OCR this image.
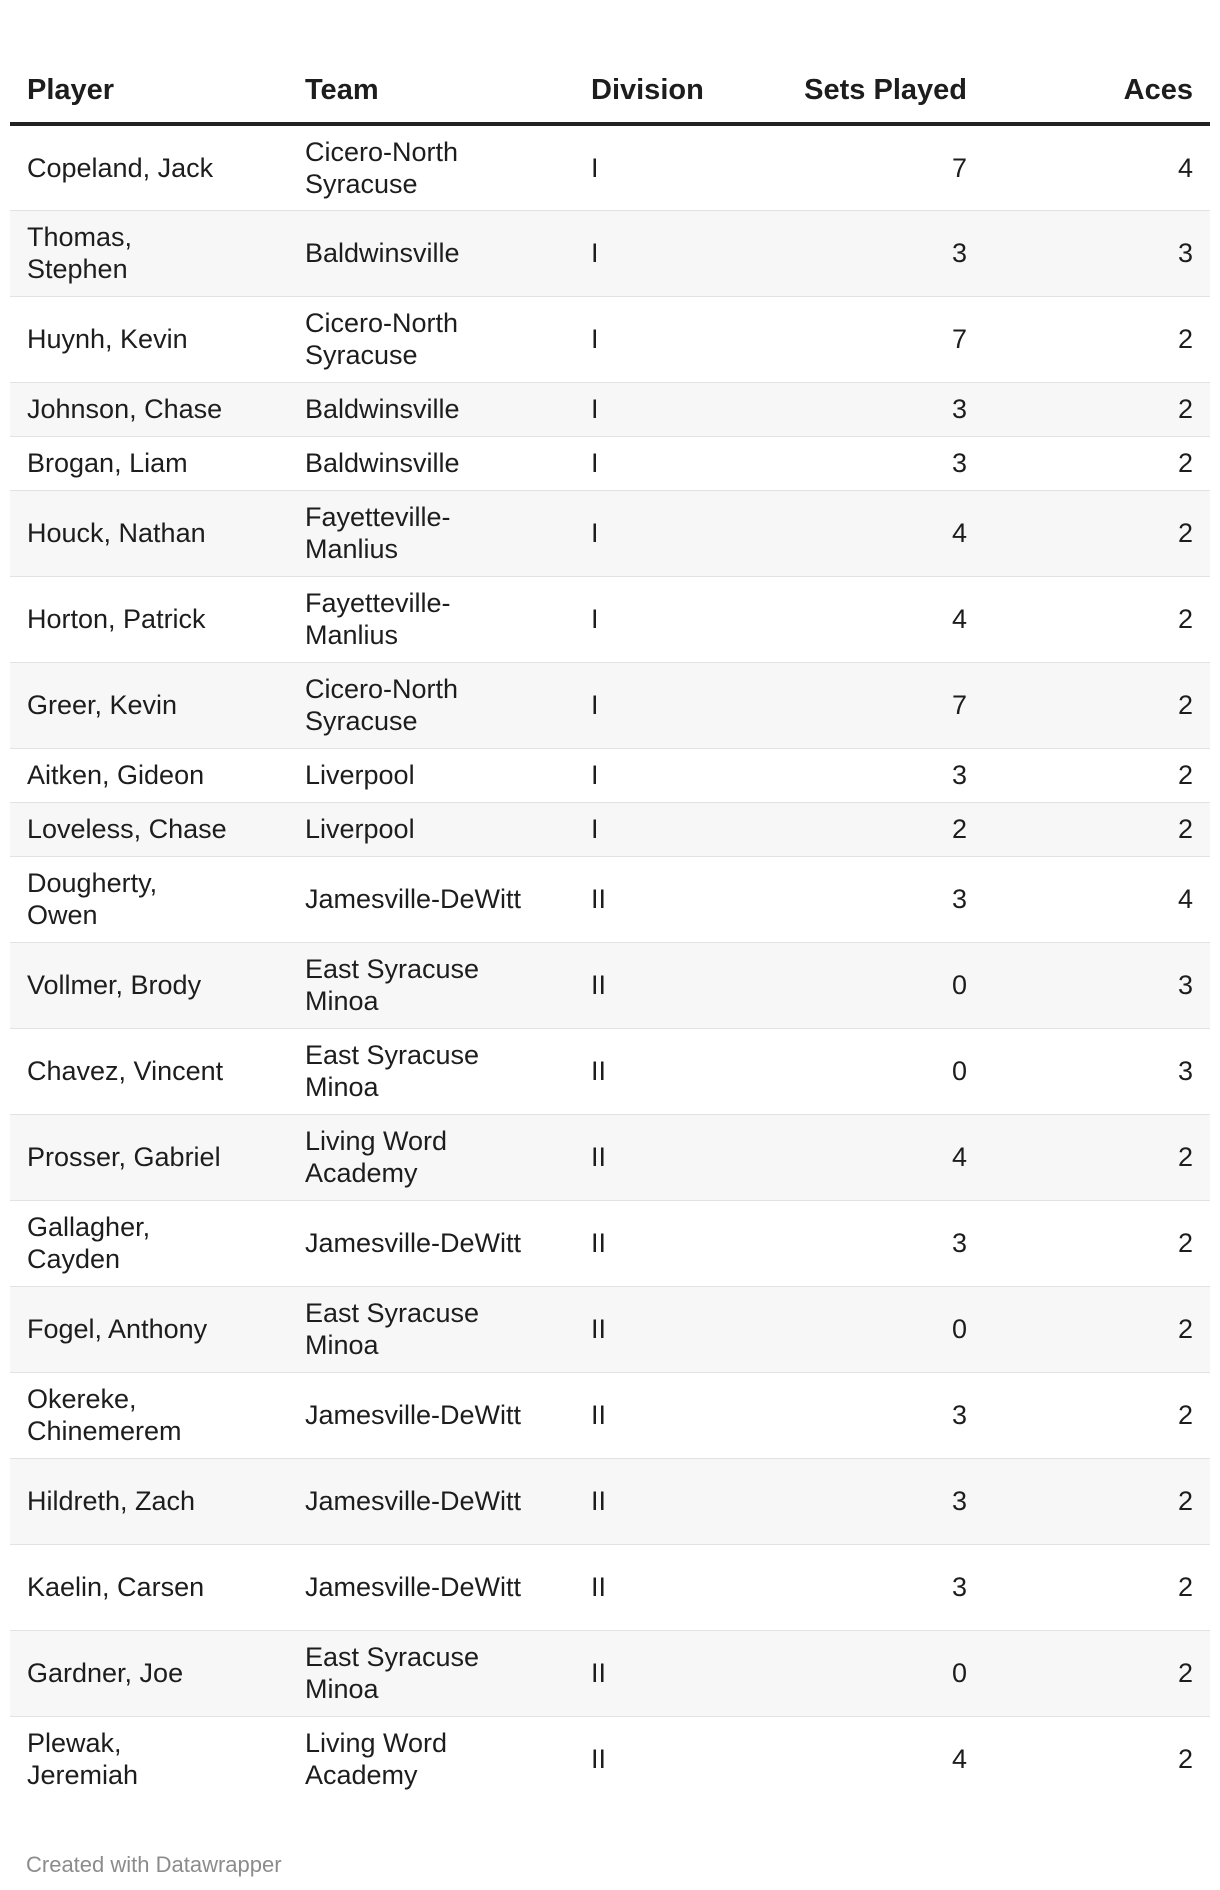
Player	Team	Division	Sets Played	Aces
Copeland, Jack	Cicero-North Syracuse	I	7	4
Thomas, Stephen	Baldwinsville	I	3	3
Huynh, Kevin	Cicero-North Syracuse	I	7	2
Johnson, Chase	Baldwinsville	I	3	2
Brogan, Liam	Baldwinsville	I	3	2
Houck, Nathan	Fayetteville-Manlius	I	4	2
Horton, Patrick	Fayetteville-Manlius	I	4	2
Greer, Kevin	Cicero-North Syracuse	I	7	2
Aitken, Gideon	Liverpool	I	3	2
Loveless, Chase	Liverpool	I	2	2
Dougherty, Owen	Jamesville-DeWitt	II	3	4
Vollmer, Brody	East Syracuse Minoa	II	0	3
Chavez, Vincent	East Syracuse Minoa	II	0	3
Prosser, Gabriel	Living Word Academy	II	4	2
Gallagher, Cayden	Jamesville-DeWitt	II	3	2
Fogel, Anthony	East Syracuse Minoa	II	0	2
Okereke, Chinemerem	Jamesville-DeWitt	II	3	2
Hildreth, Zach	Jamesville-DeWitt	II	3	2
Kaelin, Carsen	Jamesville-DeWitt	II	3	2
Gardner, Joe	East Syracuse Minoa	II	0	2
Plewak, Jeremiah	Living Word Academy	II	4	2
Created with Datawrapper
